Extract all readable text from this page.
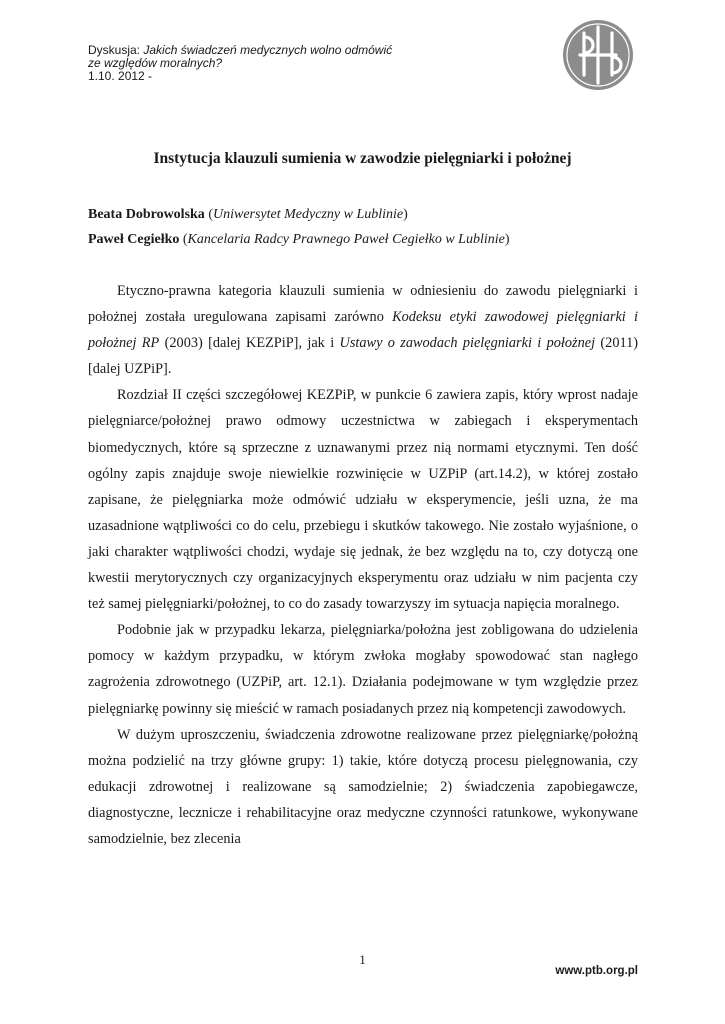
Dyskusja: Jakich świadczeń medycznych wolno odmówić
ze względów moralnych?
1.10. 2012 -
Instytucja klauzuli sumienia w zawodzie pielęgniarki i położnej
Beata Dobrowolska (Uniwersytet Medyczny w Lublinie)
Paweł Cegiełko (Kancelaria Radcy Prawnego Paweł Cegiełko w Lublinie)

Etyczno-prawna kategoria klauzuli sumienia w odniesieniu do zawodu pielęgniarki i położnej została uregulowana zapisami zarówno Kodeksu etyki zawodowej pielęgniarki i położnej RP (2003) [dalej KEZPiP], jak i Ustawy o zawodach pielęgniarki i położnej (2011) [dalej UZPiP].

Rozdział II części szczegółowej KEZPiP, w punkcie 6 zawiera zapis, który wprost nadaje pielęgniarce/położnej prawo odmowy uczestnictwa w zabiegach i eksperymentach biomedycznych, które są sprzeczne z uznawanymi przez nią normami etycznymi. Ten dość ogólny zapis znajduje swoje niewielkie rozwinięcie w UZPiP (art.14.2), w której zostało zapisane, że pielęgniarka może odmówić udziału w eksperymencie, jeśli uzna, że ma uzasadnione wątpliwości co do celu, przebiegu i skutków takowego. Nie zostało wyjaśnione, o jaki charakter wątpliwości chodzi, wydaje się jednak, że bez względu na to, czy dotyczą one kwestii merytorycznych czy organizacyjnych eksperymentu oraz udziału w nim pacjenta czy też samej pielęgniarki/położnej, to co do zasady towarzyszy im sytuacja napięcia moralnego.

Podobnie jak w przypadku lekarza, pielęgniarka/położna jest zobligowana do udzielenia pomocy w każdym przypadku, w którym zwłoka mogłaby spowodować stan nagłego zagrożenia zdrowotnego (UZPiP, art. 12.1). Działania podejmowane w tym względzie przez pielęgniarkę powinny się mieścić w ramach posiadanych przez nią kompetencji zawodowych.

W dużym uproszczeniu, świadczenia zdrowotne realizowane przez pielęgniarkę/położną można podzielić na trzy główne grupy: 1) takie, które dotyczą procesu pielęgnowania, czy edukacji zdrowotnej i realizowane są samodzielnie; 2) świadczenia zapobiegawcze, diagnostyczne, lecznicze i rehabilitacyjne oraz medyczne czynności ratunkowe, wykonywane samodzielnie, bez zlecenia

1
www.ptb.org.pl
